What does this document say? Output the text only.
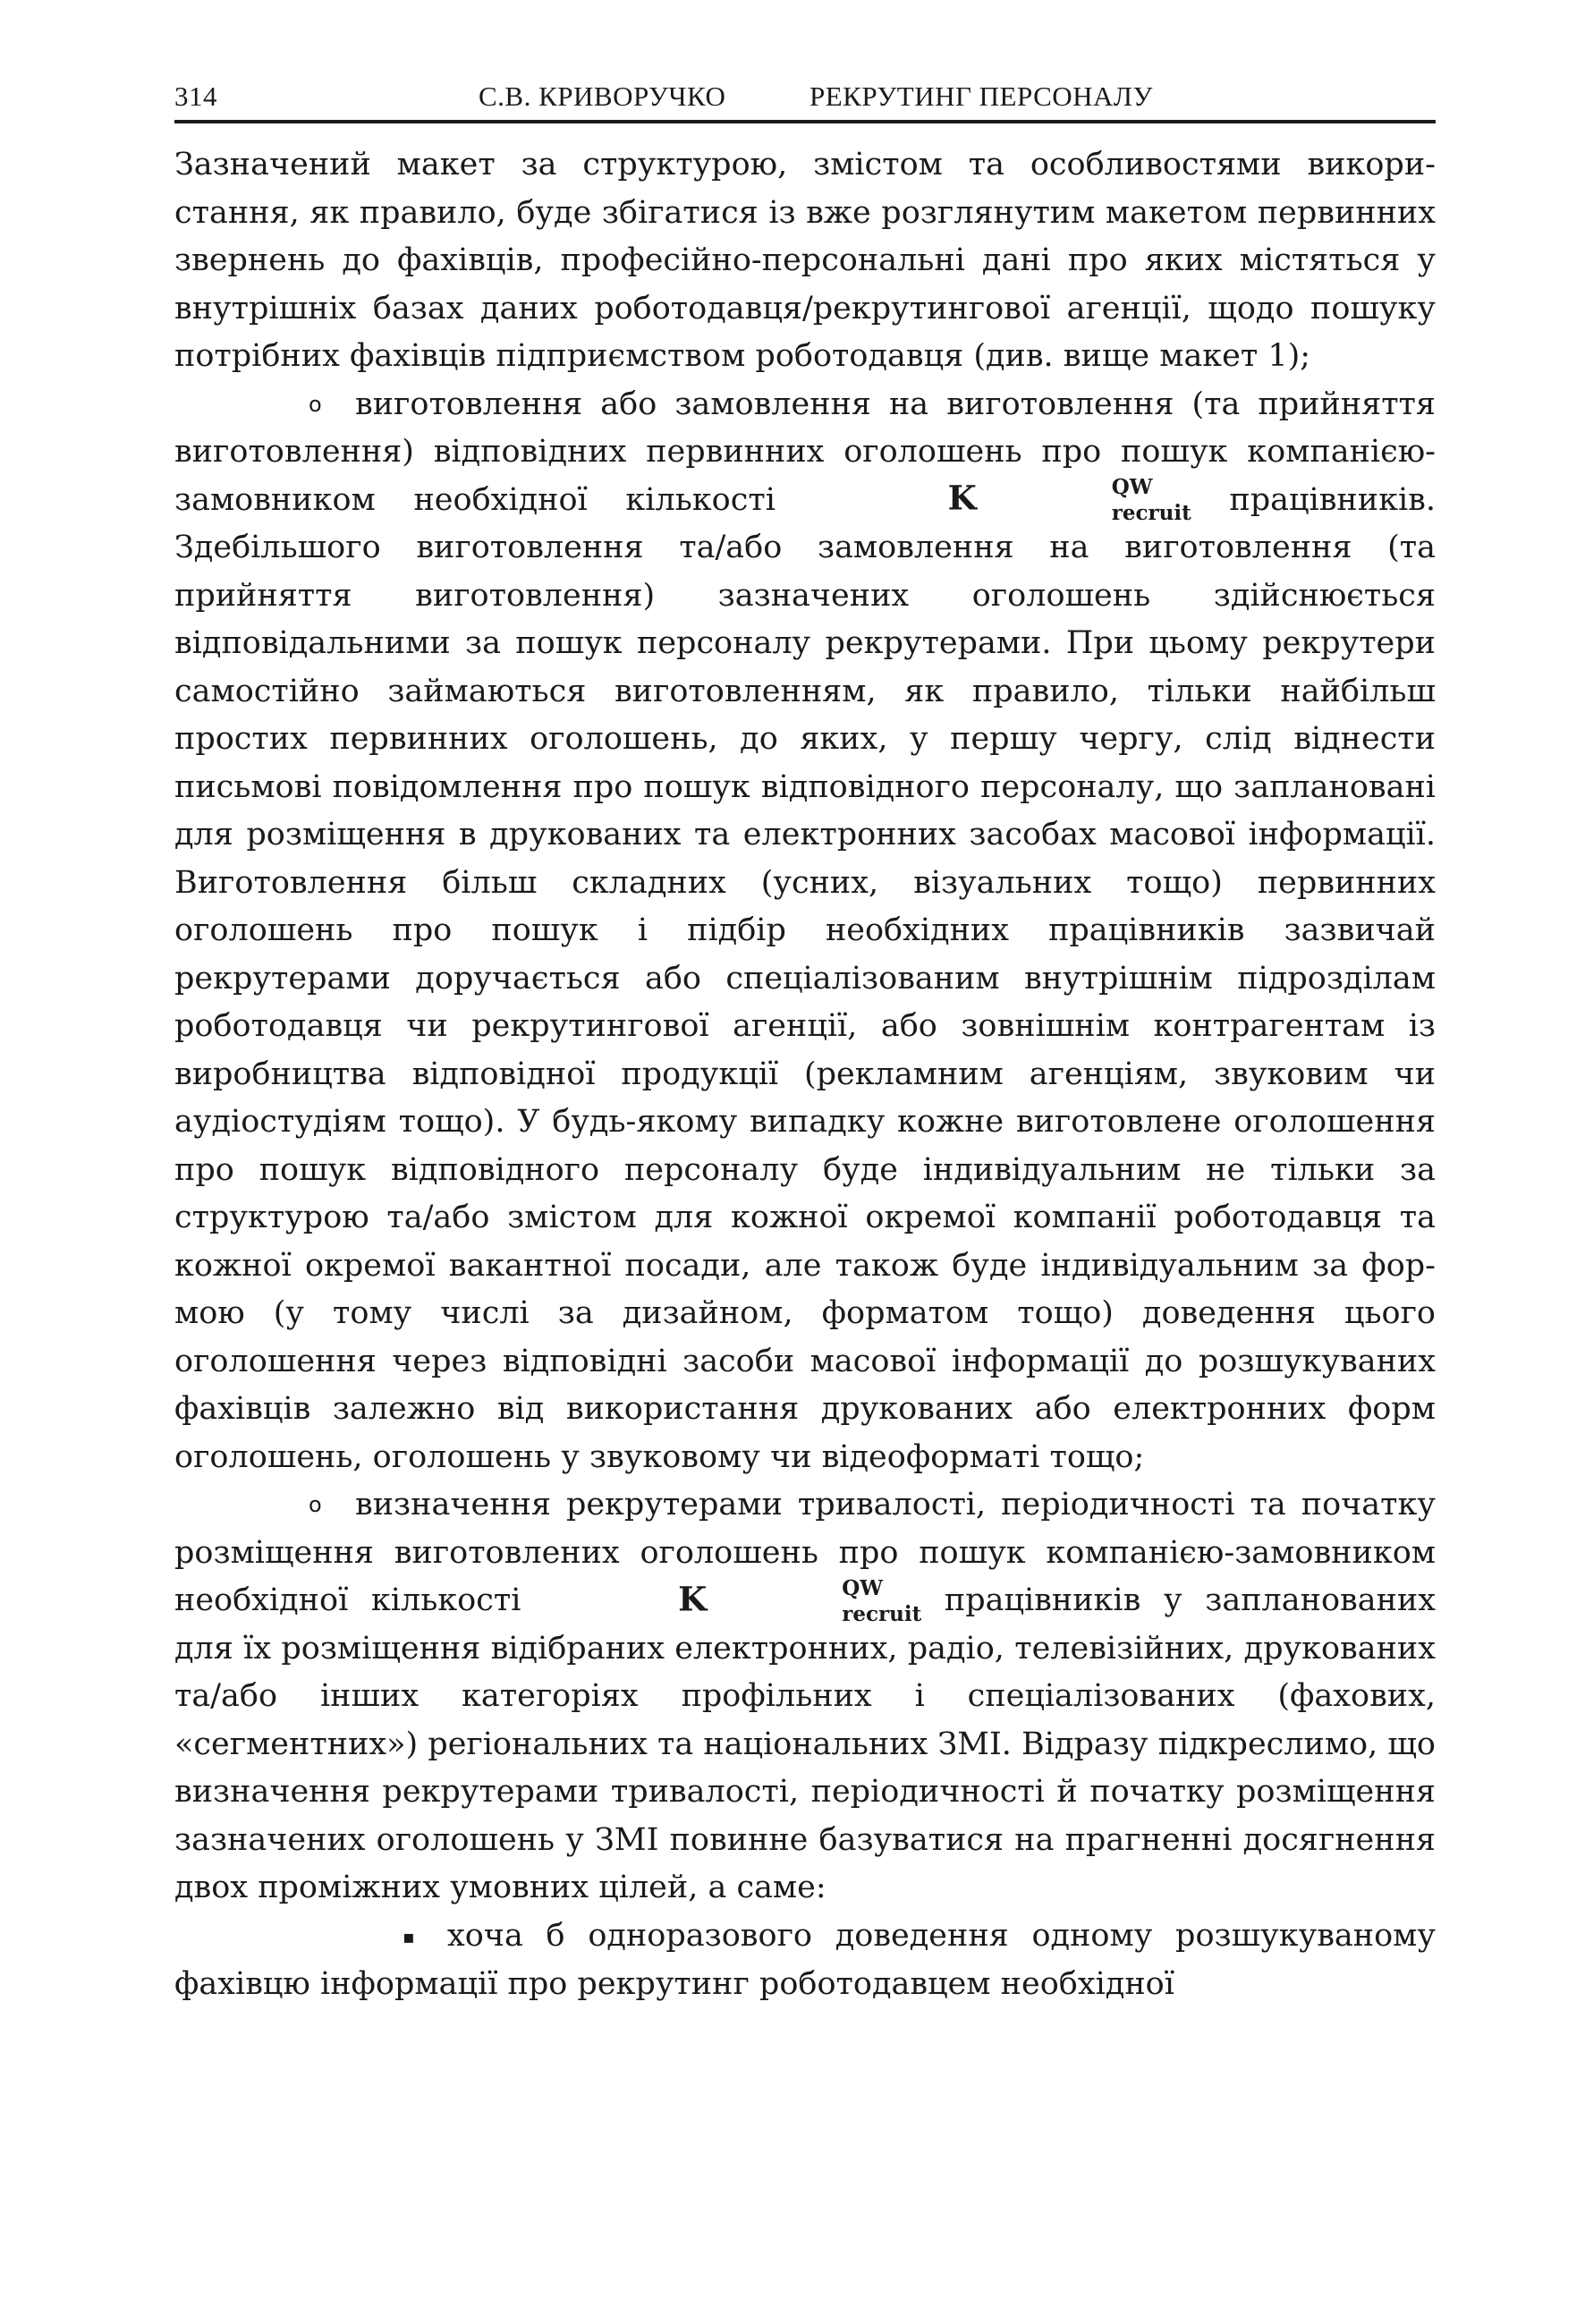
314	С.В. КРИВОРУЧКО	РЕКРУТИНГ ПЕРСОНАЛУ

Зазначений макет за структурою, змістом та особливостями використання, як правило, буде збігатися із вже розглянутим макетом первинних звернень до фахівців, професійно-персональні дані про яких містяться у внутрішніх базах даних роботодавця/рекрутингової агенції, щодо пошуку потрібних фахівців підприємством роботодавця (див. вище макет 1);

o виготовлення або замовлення на виготовлення (та прийняття виготовлення) відповідних первинних оголошень про пошук компанією-замовником необхідної кількості	K	QW
recruit працівників. Здебільшого виготовлення та/або замовлення на виготовлення (та прийняття виготовлення) зазначених оголошень здійснюється відповідальними за пошук персоналу рекрутерами. При цьому рекрутери самостійно займаються виготовленням, як правило, тільки найбільш простих первинних оголошень, до яких, у першу чергу, слід віднести письмові повідомлення про пошук відповідного персоналу, що заплановані для розміщення в друкованих та електронних засобах масової інформації. Виготовлення більш складних (усних, візуальних тощо) первинних оголошень про пошук і підбір необхідних працівників зазвичай рекрутерами доручається або спеціалізованим внутрішнім підрозділам роботодавця чи рекрутингової агенції, або зовнішнім контрагентам із виробництва відповідної продукції (рекламним агенціям, звуковим чи аудіостудіям тощо). У будь-якому випадку кожне виготовлене оголошення про пошук відповідного персоналу буде індивідуальним не тільки за структурою та/або змістом для кожної окремої компанії роботодавця та кожної окремої вакантної посади, але також буде індивідуальним за формою (у тому числі за дизайном, форматом тощо) доведення цього оголошення через відповідні засоби масової інформації до розшукуваних фахівців залежно від використання друкованих або електронних форм оголошень, оголошень у звуковому чи відеоформаті тощо;

o визначення рекрутерами тривалості, періодичності та початку розміщення виготовлених оголошень про пошук компанією-замовником необхідної кількості	K	QW
recruit працівників у запланованих для їх розміщення відібраних електронних, радіо, телевізійних, друкованих та/або інших категоріях профільних і спеціалізованих (фахових, «сегментних») регіональних та національних ЗМІ. Відразу підкреслимо, що визначення рекрутерами тривалості, періодичності й початку розміщення зазначених оголошень у ЗМІ повинне базуватися на прагненні досягнення двох проміжних умовних цілей, а саме:

▪ хоча б одноразового доведення одному розшукуваному фахівцю інформації про рекрутинг роботодавцем необхідної
